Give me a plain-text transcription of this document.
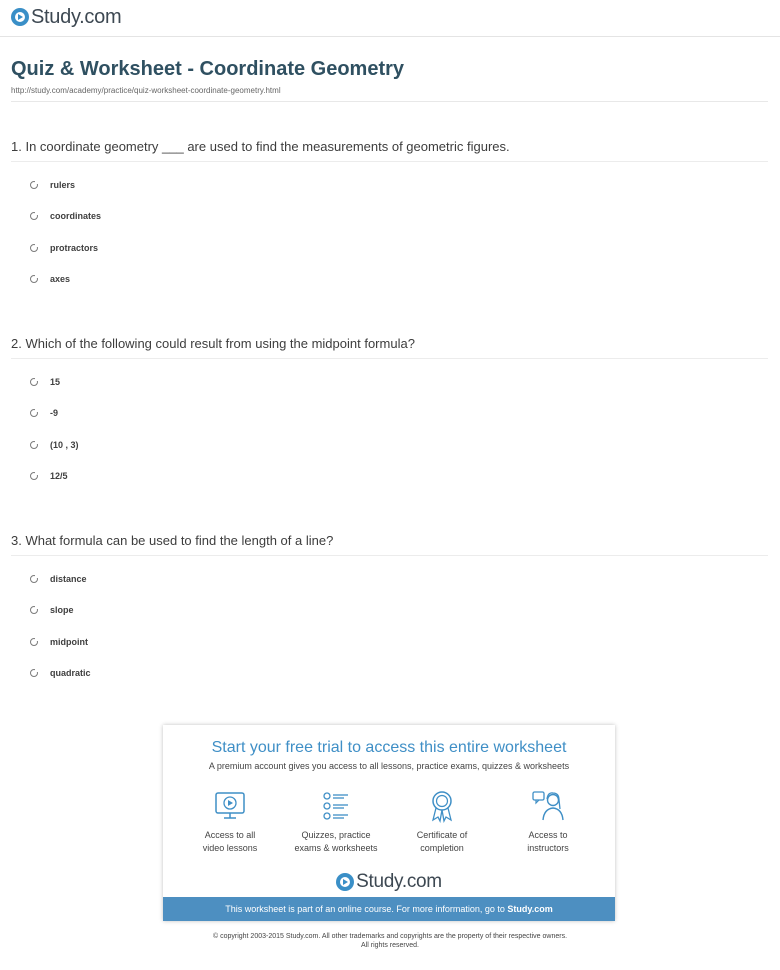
Study.com
Quiz & Worksheet - Coordinate Geometry
http://study.com/academy/practice/quiz-worksheet-coordinate-geometry.html
1. In coordinate geometry ___ are used to find the measurements of geometric figures.
rulers
coordinates
protractors
axes
2. Which of the following could result from using the midpoint formula?
15
-9
(10 , 3)
12/5
3. What formula can be used to find the length of a line?
distance
slope
midpoint
quadratic
Start your free trial to access this entire worksheet
A premium account gives you access to all lessons, practice exams, quizzes & worksheets
Access to all
video lessons
Quizzes, practice
exams & worksheets
Certificate of
completion
Access to
instructors
Study.com
This worksheet is part of an online course. For more information, go to Study.com
© copyright 2003-2015 Study.com. All other trademarks and copyrights are the property of their respective owners.
All rights reserved.
